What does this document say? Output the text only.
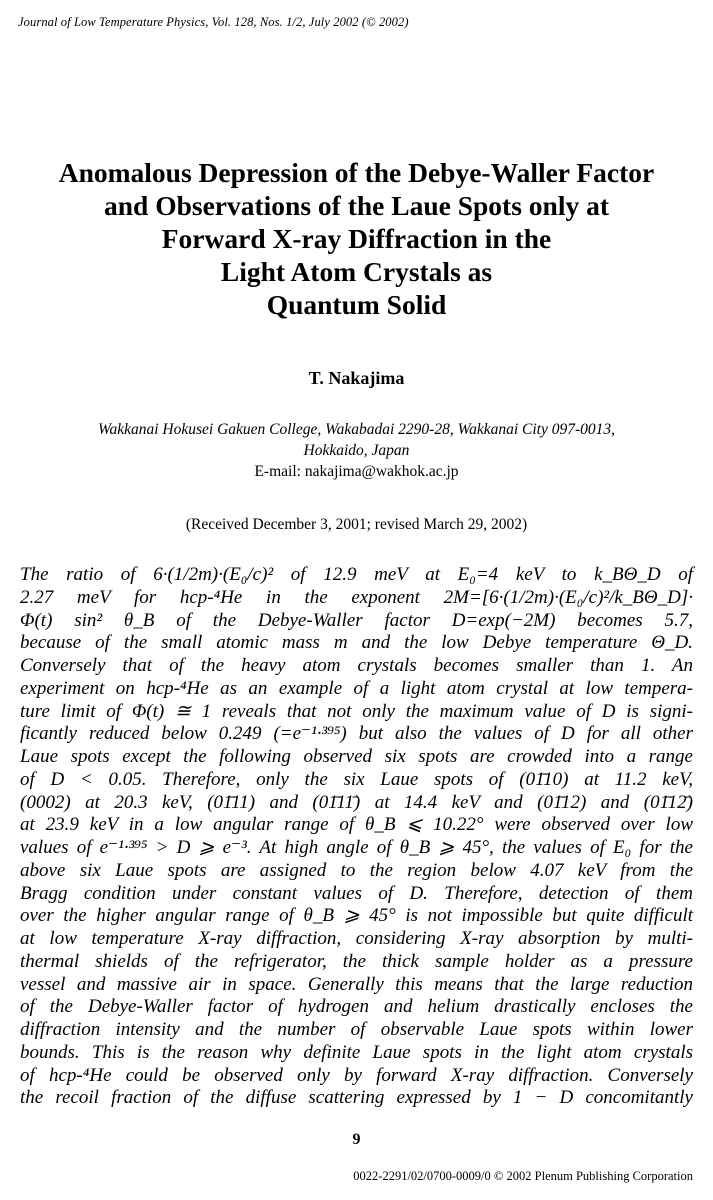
Journal of Low Temperature Physics, Vol. 128, Nos. 1/2, July 2002 (© 2002)
Anomalous Depression of the Debye-Waller Factor
and Observations of the Laue Spots only at
Forward X-ray Diffraction in the
Light Atom Crystals as
Quantum Solid
T. Nakajima
Wakkanai Hokusei Gakuen College, Wakabadai 2290-28, Wakkanai City 097-0013,
Hokkaido, Japan
E-mail: nakajima@wakhok.ac.jp
(Received December 3, 2001; revised March 29, 2002)
The ratio of 6·(1/2m)·(E₀/c)² of 12.9 meV at E₀=4 keV to k_BΘ_D of
2.27 meV for hcp-⁴He in the exponent 2M=[6·(1/2m)·(E₀/c)²/k_BΘ_D]·
Φ(t) sin² θ_B of the Debye-Waller factor D=exp(−2M) becomes 5.7,
because of the small atomic mass m and the low Debye temperature Θ_D.
Conversely that of the heavy atom crystals becomes smaller than 1. An
experiment on hcp-⁴He as an example of a light atom crystal at low tempera-
ture limit of Φ(t) ≅ 1 reveals that not only the maximum value of D is signi-
ficantly reduced below 0.249 (=e⁻¹·³⁹⁵) but also the values of D for all other
Laue spots except the following observed six spots are crowded into a range
of D < 0.05. Therefore, only the six Laue spots of (01̄10) at 11.2 keV,
(0002) at 20.3 keV, (01̄11) and (01̄11̄) at 14.4 keV and (01̄12) and (01̄12̄)
at 23.9 keV in a low angular range of θ_B ⩽ 10.22° were observed over low
values of e⁻¹·³⁹⁵ > D ⩾ e⁻³. At high angle of θ_B ⩾ 45°, the values of E₀ for the
above six Laue spots are assigned to the region below 4.07 keV from the
Bragg condition under constant values of D. Therefore, detection of them
over the higher angular range of θ_B ⩾ 45° is not impossible but quite difficult
at low temperature X-ray diffraction, considering X-ray absorption by multi-
thermal shields of the refrigerator, the thick sample holder as a pressure
vessel and massive air in space. Generally this means that the large reduction
of the Debye-Waller factor of hydrogen and helium drastically encloses the
diffraction intensity and the number of observable Laue spots within lower
bounds. This is the reason why definite Laue spots in the light atom crystals
of hcp-⁴He could be observed only by forward X-ray diffraction. Conversely
the recoil fraction of the diffuse scattering expressed by 1 − D concomitantly
9
0022-2291/02/0700-0009/0 © 2002 Plenum Publishing Corporation
